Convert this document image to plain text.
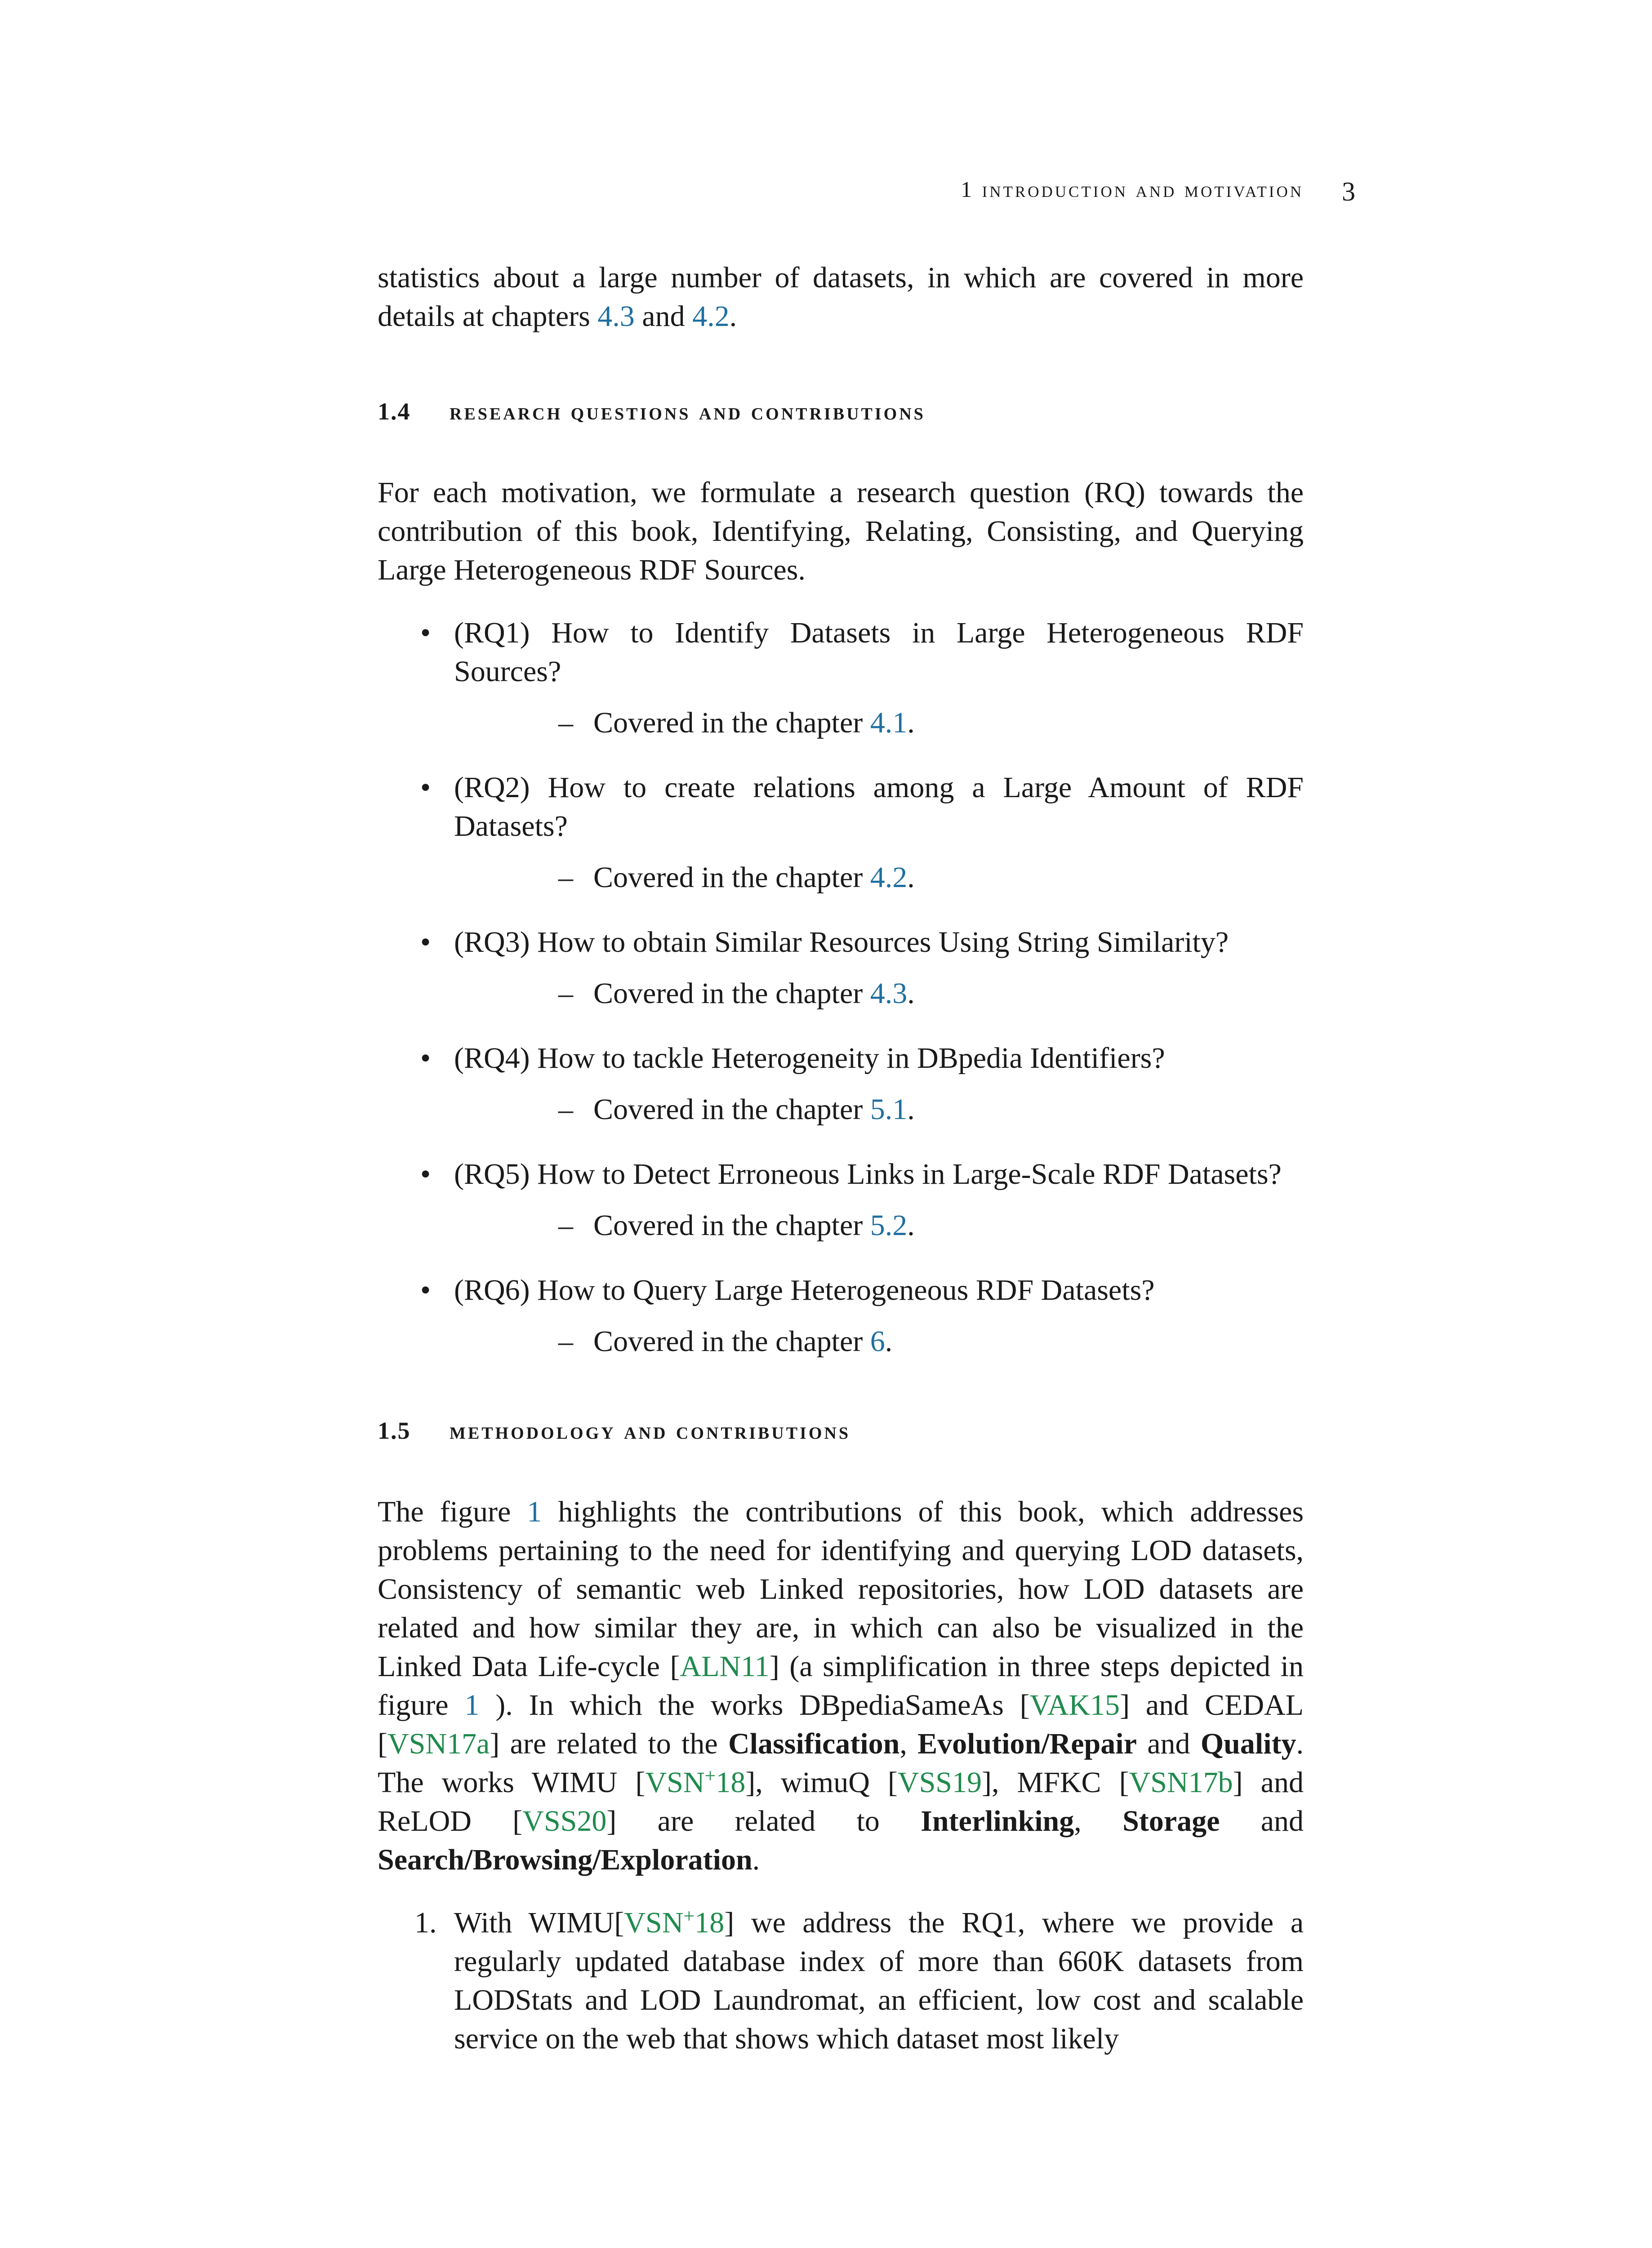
1 introduction and motivation 3

statistics about a large number of datasets, in which are covered in more details at chapters 4.3 and 4.2.

1.4 research questions and contributions

For each motivation, we formulate a research question (RQ) towards the contribution of this book, Identifying, Relating, Consisting, and Querying Large Heterogeneous RDF Sources.

• (RQ1) How to Identify Datasets in Large Heterogeneous RDF Sources?

– Covered in the chapter 4.1.
• (RQ2) How to create relations among a Large Amount of RDF Datasets?

– Covered in the chapter 4.2.
• (RQ3) How to obtain Similar Resources Using String Similarity?

– Covered in the chapter 4.3.
• (RQ4) How to tackle Heterogeneity in DBpedia Identifiers?

– Covered in the chapter 5.1.
• (RQ5) How to Detect Erroneous Links in Large-Scale RDF Datasets?

– Covered in the chapter 5.2.
• (RQ6) How to Query Large Heterogeneous RDF Datasets?

– Covered in the chapter 6.
1.5 methodology and contributions

The figure 1 highlights the contributions of this book, which addresses problems pertaining to the need for identifying and querying LOD datasets, Consistency of semantic web Linked repositories, how LOD datasets are related and how similar they are, in which can also be visualized in the Linked Data Life-cycle [ALN11] (a simplification in three steps depicted in figure 1 ). In which the works DBpediaSameAs [VAK15] and CEDAL [VSN17a] are related to the Classification, Evolution/Repair and Quality. The works WIMU [VSN+18], wimuQ [VSS19], MFKC [VSN17b] and ReLOD [VSS20] are related to Interlinking, Storage and Search/Browsing/Exploration.

1. With WIMU[VSN+18] we address the RQ1, where we provide a regularly updated database index of more than 660K datasets from LODStats and LOD Laundromat, an efficient, low cost and scalable service on the web that shows which dataset most likely
